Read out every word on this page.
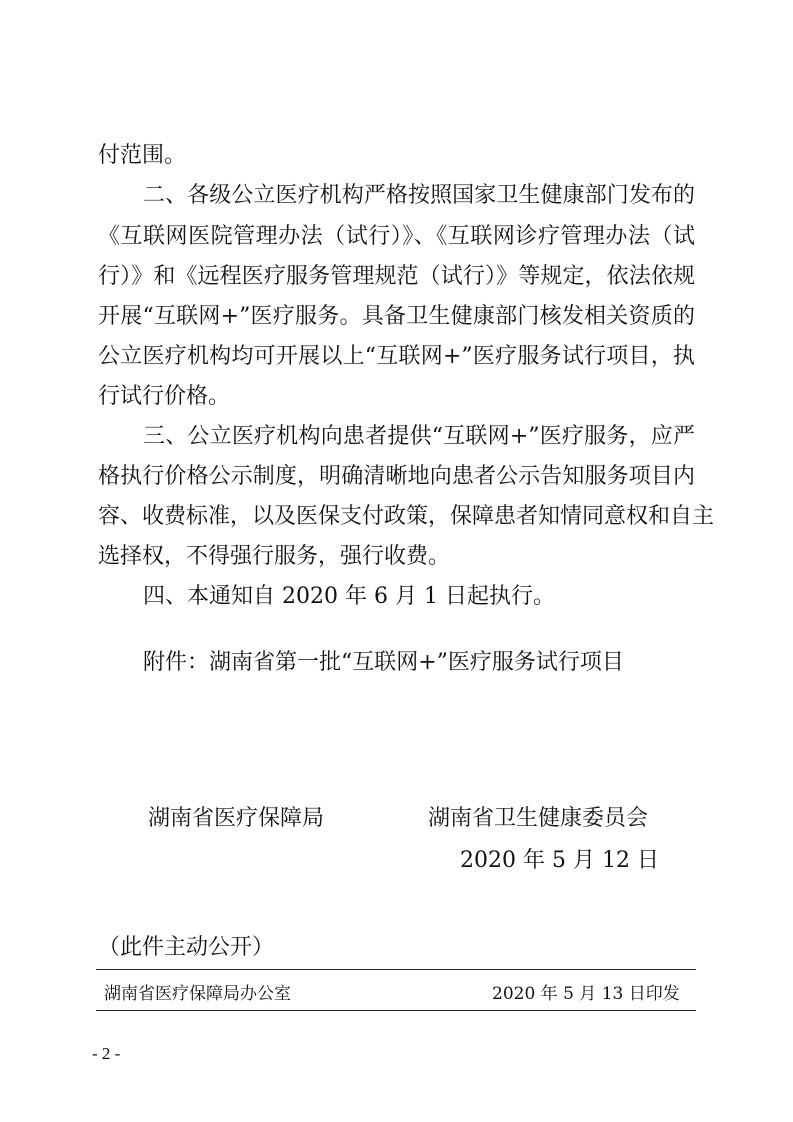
付范围。
二、各级公立医疗机构严格按照国家卫生健康部门发布的
《互联网医院管理办法（试行）》、《互联网诊疗管理办法（试
行）》和《远程医疗服务管理规范（试行）》等规定，依法依规
开展“互联网+”医疗服务。具备卫生健康部门核发相关资质的
公立医疗机构均可开展以上“互联网+”医疗服务试行项目，执
行试行价格。
三、公立医疗机构向患者提供“互联网+”医疗服务，应严
格执行价格公示制度，明确清晰地向患者公示告知服务项目内
容、收费标准，以及医保支付政策，保障患者知情同意权和自主
选择权，不得强行服务，强行收费。
四、本通知自 2020 年 6 月 1 日起执行。
附件：湖南省第一批“互联网+”医疗服务试行项目
湖南省医疗保障局	湖南省卫生健康委员会
2020 年 5 月 12 日
（此件主动公开）
湖南省医疗保障局办公室	2020 年 5 月 13 日印发
- 2 -
